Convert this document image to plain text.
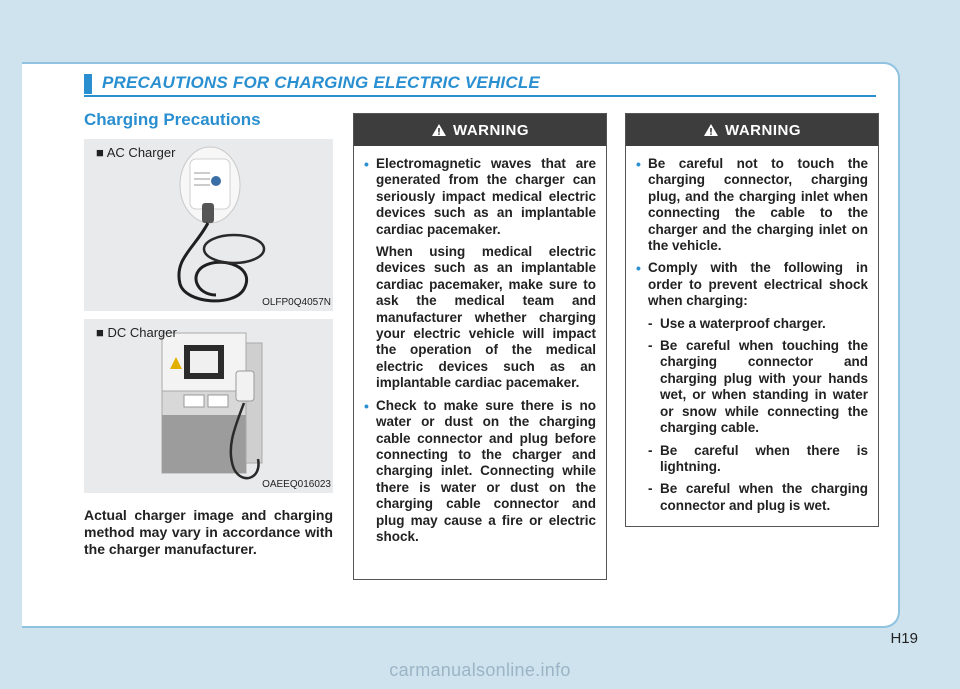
PRECAUTIONS FOR CHARGING ELECTRIC VEHICLE
Charging Precautions
■ AC Charger
OLFP0Q4057N
■ DC Charger
OAEEQ016023
Actual charger image and charging method may vary in accordance with the charger manufacturer.
WARNING
• Electromagnetic waves that are generated from the charger can seriously impact medical electric devices such as an implantable cardiac pacemaker.
When using medical electric devices such as an implantable cardiac pacemaker, make sure to ask the medical team and manufacturer whether charging your electric vehicle will impact the operation of the medical electric devices such as an implantable cardiac pacemaker.
• Check to make sure there is no water or dust on the charging cable connector and plug before connecting to the charger and charging inlet. Connecting while there is water or dust on the charging cable connector and plug may cause a fire or electric shock.
WARNING
• Be careful not to touch the charging connector, charging plug, and the charging inlet when connecting the cable to the charger and the charging inlet on the vehicle.
• Comply with the following in order to prevent electrical shock when charging:
- Use a waterproof charger.
- Be careful when touching the charging connector and charging plug with your hands wet, or when standing in water or snow while connecting the charging cable.
- Be careful when there is lightning.
- Be careful when the charging connector and plug is wet.
H19
carmanualsonline.info
